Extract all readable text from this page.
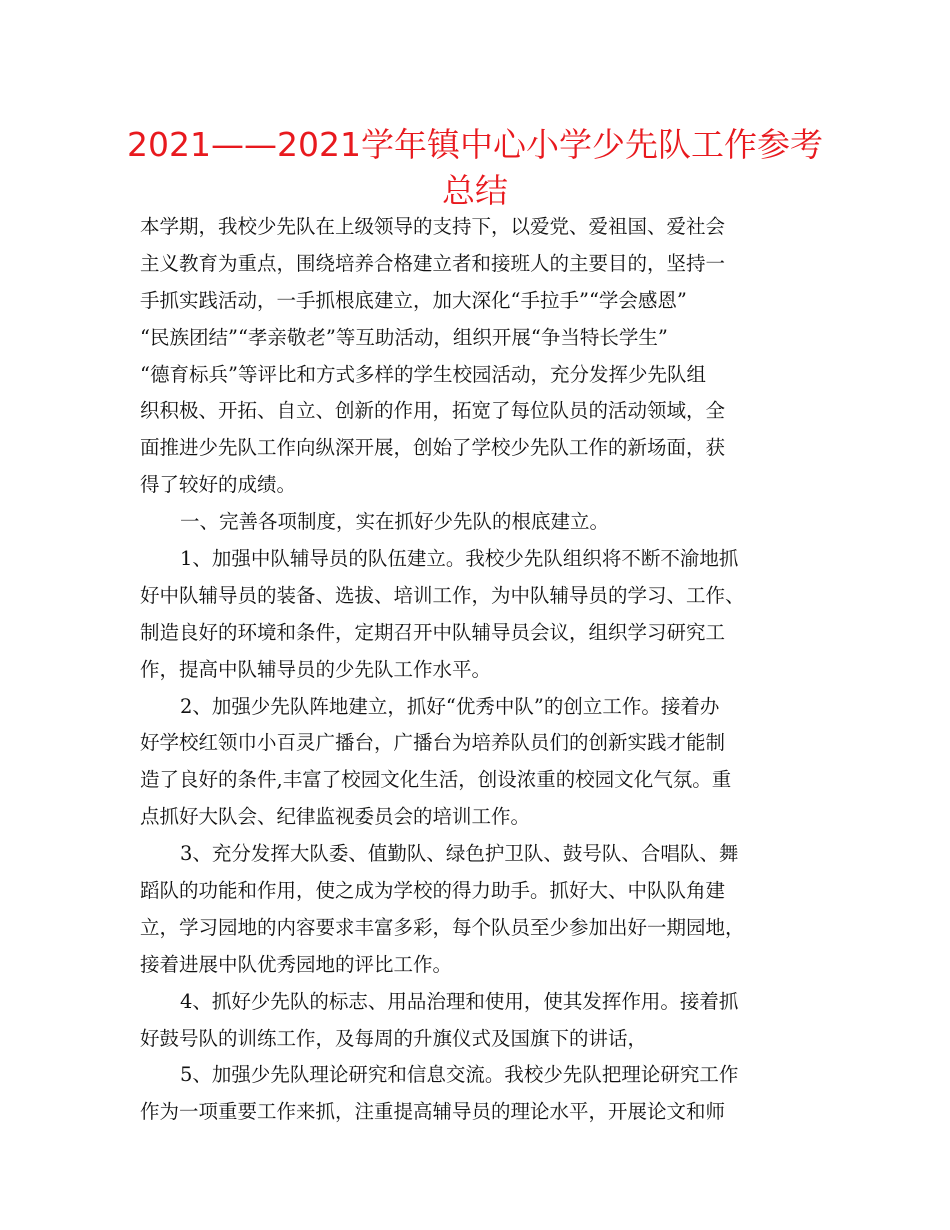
2021——2021学年镇中心小学少先队工作参考
总结
本学期，我校少先队在上级领导的支持下，以爱党、爱祖国、爱社会
主义教育为重点，围绕培养合格建立者和接班人的主要目的，坚持一
手抓实践活动，一手抓根底建立，加大深化“手拉手”“学会感恩”
“民族团结”“孝亲敬老”等互助活动，组织开展“争当特长学生”
“德育标兵”等评比和方式多样的学生校园活动，充分发挥少先队组
织积极、开拓、自立、创新的作用，拓宽了每位队员的活动领域，全
面推进少先队工作向纵深开展，创始了学校少先队工作的新场面，获
得了较好的成绩。
一、完善各项制度，实在抓好少先队的根底建立。
1、加强中队辅导员的队伍建立。我校少先队组织将不断不渝地抓
好中队辅导员的装备、选拔、培训工作，为中队辅导员的学习、工作、
制造良好的环境和条件，定期召开中队辅导员会议，组织学习研究工
作，提高中队辅导员的少先队工作水平。
2、加强少先队阵地建立，抓好“优秀中队”的创立工作。接着办
好学校红领巾小百灵广播台，广播台为培养队员们的创新实践才能制
造了良好的条件,丰富了校园文化生活，创设浓重的校园文化气氛。重
点抓好大队会、纪律监视委员会的培训工作。
3、充分发挥大队委、值勤队、绿色护卫队、鼓号队、合唱队、舞
蹈队的功能和作用，使之成为学校的得力助手。抓好大、中队队角建
立，学习园地的内容要求丰富多彩，每个队员至少参加出好一期园地，
接着进展中队优秀园地的评比工作。
4、抓好少先队的标志、用品治理和使用，使其发挥作用。接着抓
好鼓号队的训练工作，及每周的升旗仪式及国旗下的讲话，
5、加强少先队理论研究和信息交流。我校少先队把理论研究工作
作为一项重要工作来抓，注重提高辅导员的理论水平，开展论文和师
